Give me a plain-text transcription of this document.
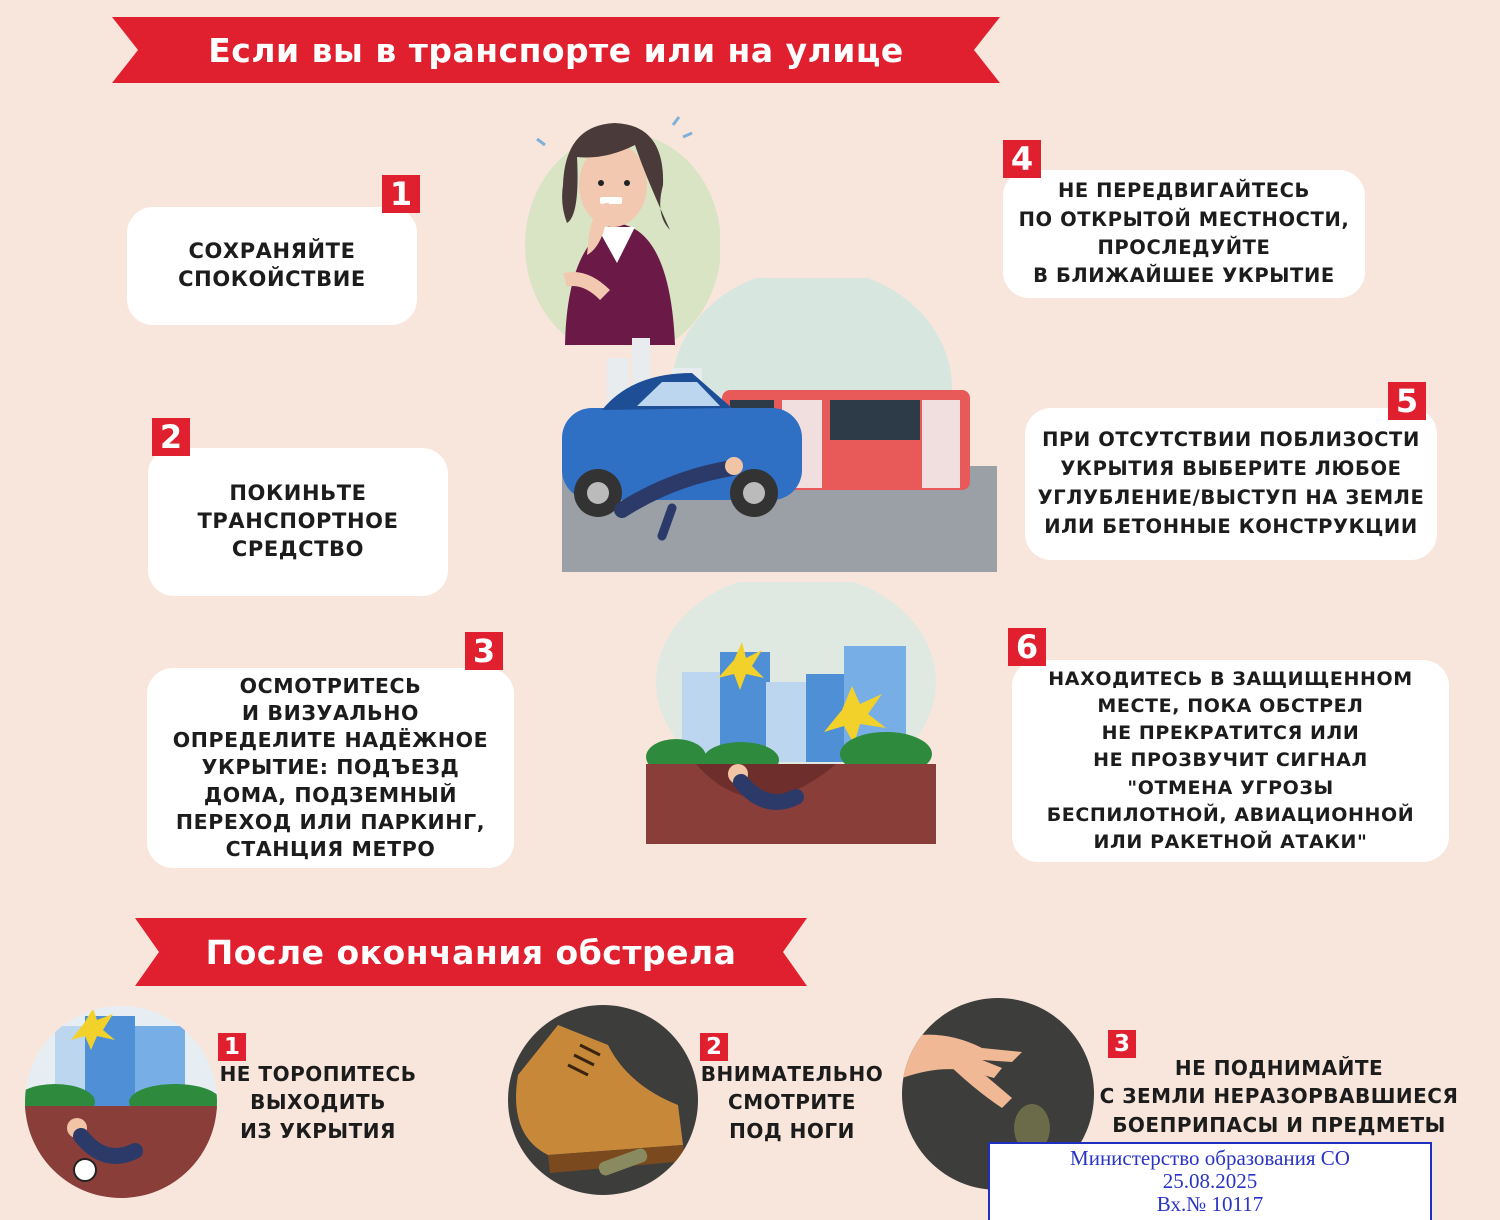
Если вы в транспорте или на улице
СОХРАНЯЙТЕ
СПОКОЙСТВИЕ
1
ПОКИНЬТЕ
ТРАНСПОРТНОЕ
СРЕДСТВО
2
ОСМОТРИТЕСЬ
И ВИЗУАЛЬНО
ОПРЕДЕЛИТЕ НАДЁЖНОЕ
УКРЫТИЕ: ПОДЪЕЗД
ДОМА, ПОДЗЕМНЫЙ
ПЕРЕХОД ИЛИ ПАРКИНГ,
СТАНЦИЯ МЕТРО
3
НЕ ПЕРЕДВИГАЙТЕСЬ
ПО ОТКРЫТОЙ МЕСТНОСТИ,
ПРОСЛЕДУЙТЕ
В БЛИЖАЙШЕЕ УКРЫТИЕ
4
ПРИ ОТСУТСТВИИ ПОБЛИЗОСТИ
УКРЫТИЯ ВЫБЕРИТЕ ЛЮБОЕ
УГЛУБЛЕНИЕ/ВЫСТУП НА ЗЕМЛЕ
ИЛИ БЕТОННЫЕ КОНСТРУКЦИИ
5
НАХОДИТЕСЬ В ЗАЩИЩЕННОМ
МЕСТЕ, ПОКА ОБСТРЕЛ
НЕ ПРЕКРАТИТСЯ ИЛИ
НЕ ПРОЗВУЧИТ СИГНАЛ
"ОТМЕНА УГРОЗЫ
БЕСПИЛОТНОЙ, АВИАЦИОННОЙ
ИЛИ РАКЕТНОЙ АТАКИ"
6
После окончания обстрела
1
НЕ ТОРОПИТЕСЬ
ВЫХОДИТЬ
ИЗ УКРЫТИЯ
2
ВНИМАТЕЛЬНО
СМОТРИТЕ
ПОД НОГИ
3
НЕ ПОДНИМАЙТЕ
С ЗЕМЛИ НЕРАЗОРВАВШИЕСЯ
БОЕПРИПАСЫ И ПРЕДМЕТЫ
Министерство образования СО
25.08.2025
Вх.№ 10117
